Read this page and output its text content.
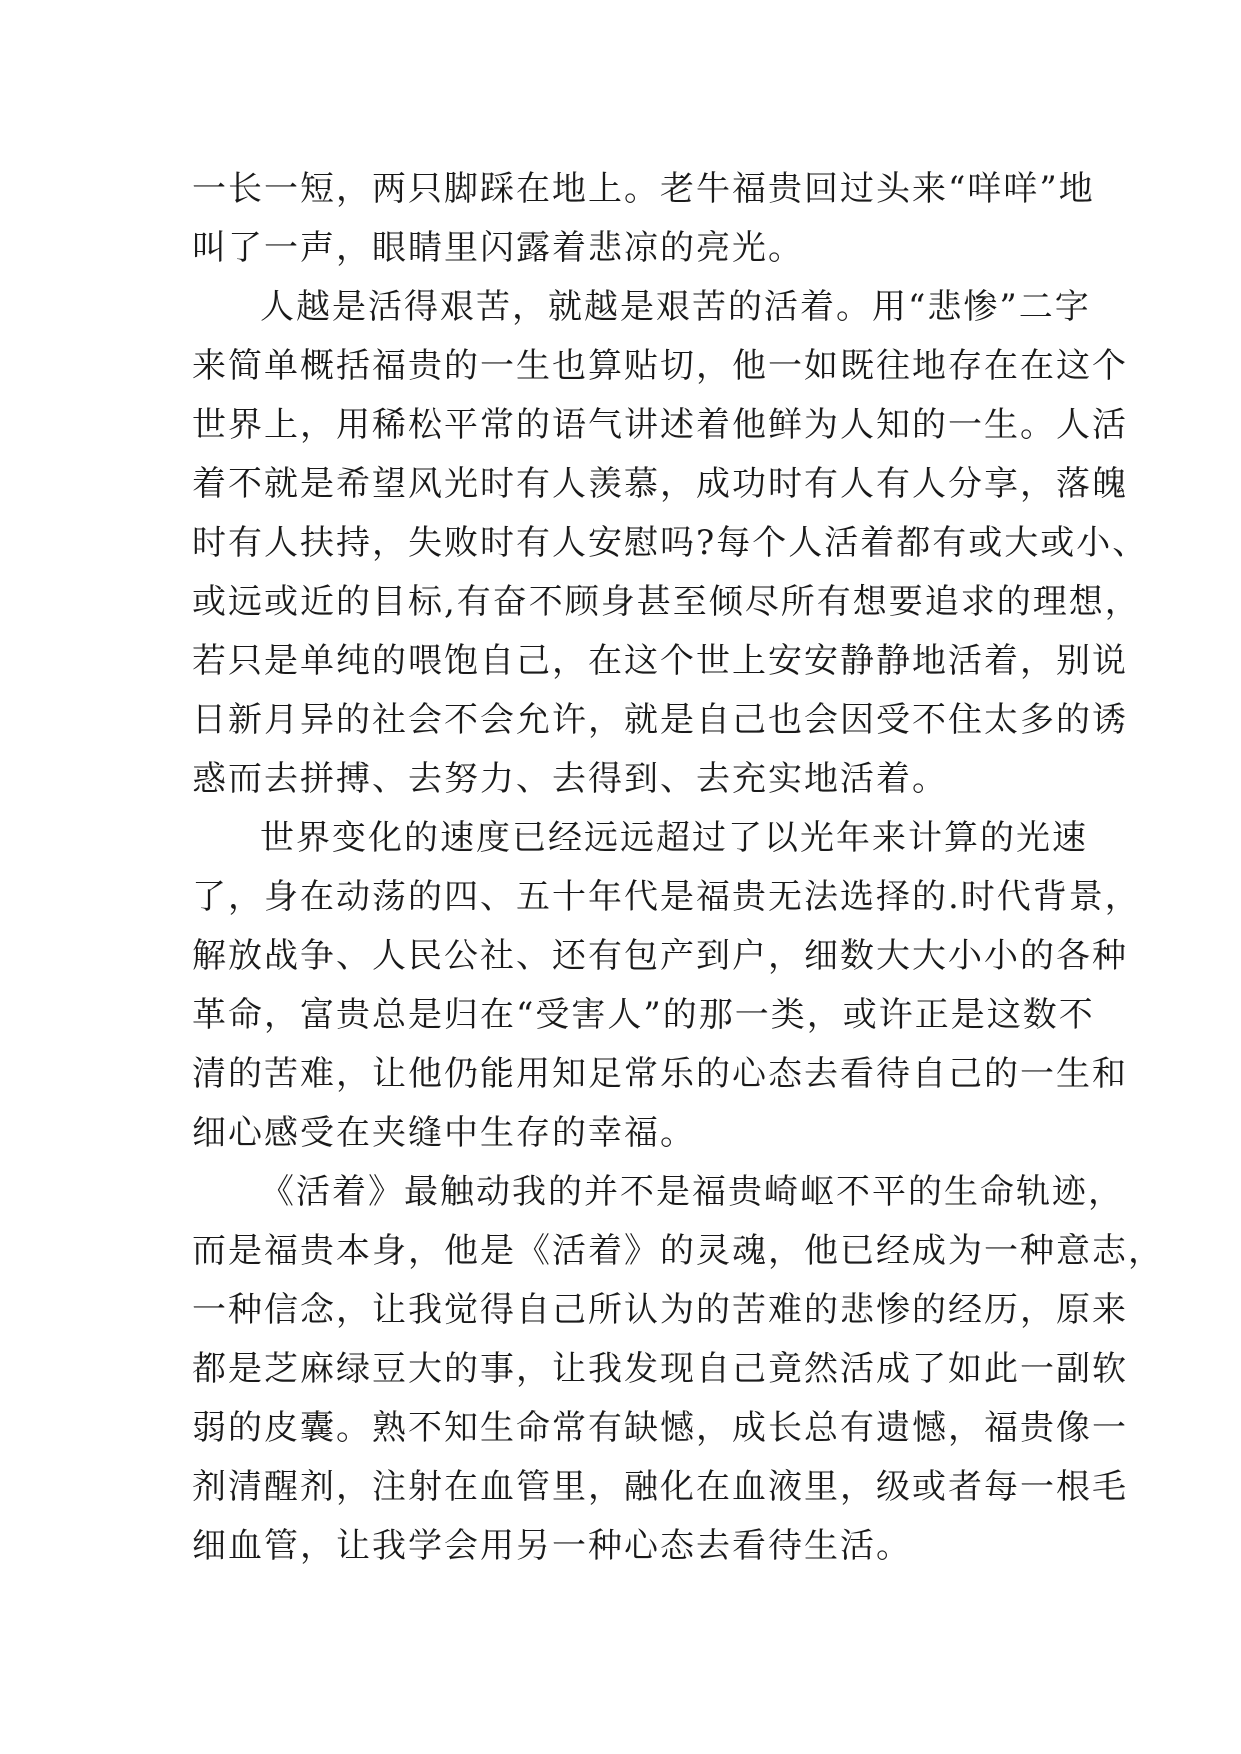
一长一短，两只脚踩在地上。老牛福贵回过头来“咩咩”地
叫了一声，眼睛里闪露着悲凉的亮光。
人越是活得艰苦，就越是艰苦的活着。用“悲惨”二字
来简单概括福贵的一生也算贴切，他一如既往地存在在这个
世界上，用稀松平常的语气讲述着他鲜为人知的一生。人活
着不就是希望风光时有人羡慕，成功时有人有人分享，落魄
时有人扶持，失败时有人安慰吗?每个人活着都有或大或小、
或远或近的目标,有奋不顾身甚至倾尽所有想要追求的理想，
若只是单纯的喂饱自己，在这个世上安安静静地活着，别说
日新月异的社会不会允许，就是自己也会因受不住太多的诱
惑而去拼搏、去努力、去得到、去充实地活着。
世界变化的速度已经远远超过了以光年来计算的光速
了，身在动荡的四、五十年代是福贵无法选择的.时代背景，
解放战争、人民公社、还有包产到户，细数大大小小的各种
革命，富贵总是归在“受害人”的那一类，或许正是这数不
清的苦难，让他仍能用知足常乐的心态去看待自己的一生和
细心感受在夹缝中生存的幸福。
《活着》最触动我的并不是福贵崎岖不平的生命轨迹，
而是福贵本身，他是《活着》的灵魂，他已经成为一种意志，
一种信念，让我觉得自己所认为的苦难的悲惨的经历，原来
都是芝麻绿豆大的事，让我发现自己竟然活成了如此一副软
弱的皮囊。熟不知生命常有缺憾，成长总有遗憾，福贵像一
剂清醒剂，注射在血管里，融化在血液里，级或者每一根毛
细血管，让我学会用另一种心态去看待生活。
